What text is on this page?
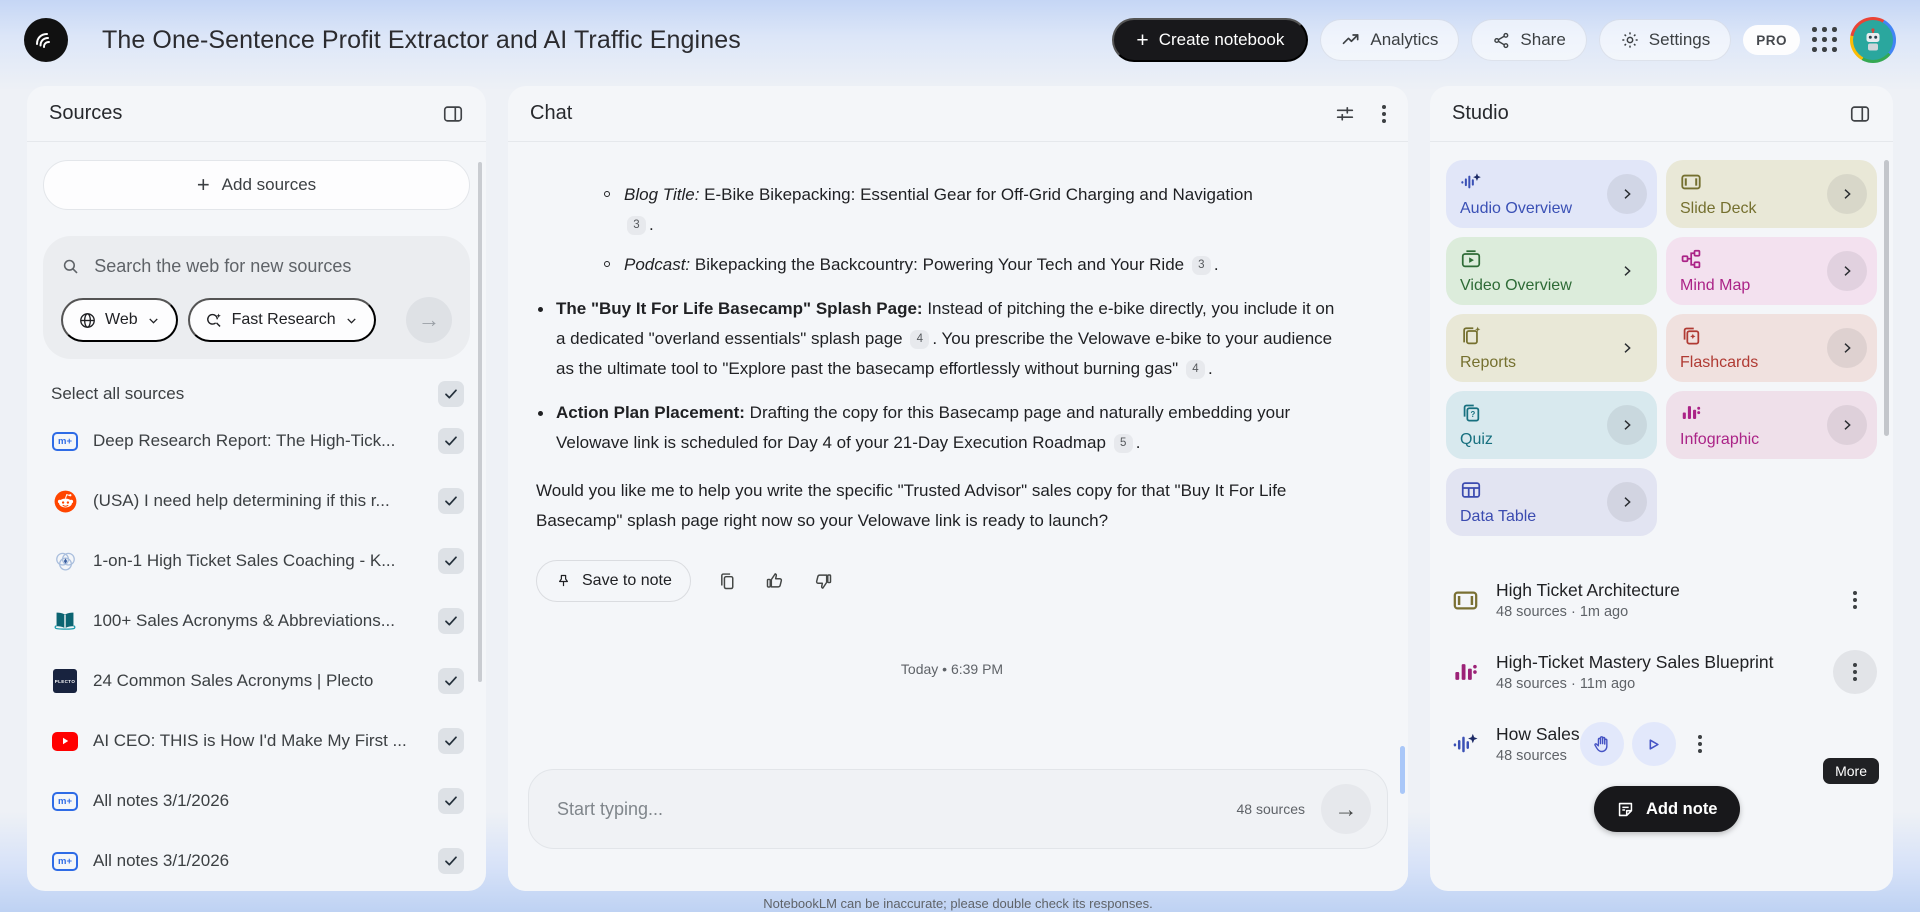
The One-Sentence Profit Extractor and AI Traffic Engines	+ Create notebook	Analytics	Share	Settings	PRO
Sources
+ Add sources
Search the web for new sources
Web	Fast Research	→
Select all sources
m+	Deep Research Report: The High-Tick...
(USA) I need help determining if this r...
1-on-1 High Ticket Sales Coaching - K...
100+ Sales Acronyms & Abbreviations...
PLECTO 24 Common Sales Acronyms | Plecto
AI CEO: THIS is How I'd Make My First ...
m+	All notes 3/1/2026
m+	All notes 3/1/2026
Chat
Blog Title: E-Bike Bikepacking: Essential Gear for Off-Grid Charging and Navigation 3 .
Podcast: Bikepacking the Backcountry: Powering Your Tech and Your Ride 3 .
The "Buy It For Life Basecamp" Splash Page: Instead of pitching the e-bike directly, you include it on a dedicated "overland essentials" splash page 4 . You prescribe the Velowave e-bike to your audience as the ultimate tool to "Explore past the basecamp effortlessly without burning gas" 4 .
Action Plan Placement: Drafting the copy for this Basecamp page and naturally embedding your Velowave link is scheduled for Day 4 of your 21-Day Execution Roadmap 5 .

Would you like me to help you write the specific "Trusted Advisor" sales copy for that "Buy It For Life Basecamp" splash page right now so your Velowave link is ready to launch?

Save to note
Today • 6:39 PM
Start typing...
48 sources	→
NotebookLM can be inaccurate; please double check its responses.
Studio
Audio Overview	Slide Deck
Video Overview	Mind Map
Reports	Flashcards
?
Quiz	Infographic
Data Table
High Ticket Architecture
48 sources · 1m ago
High-Ticket Mastery Sales Blueprint
48 sources · 11m ago
How Sales
48 sources
More
Add note
